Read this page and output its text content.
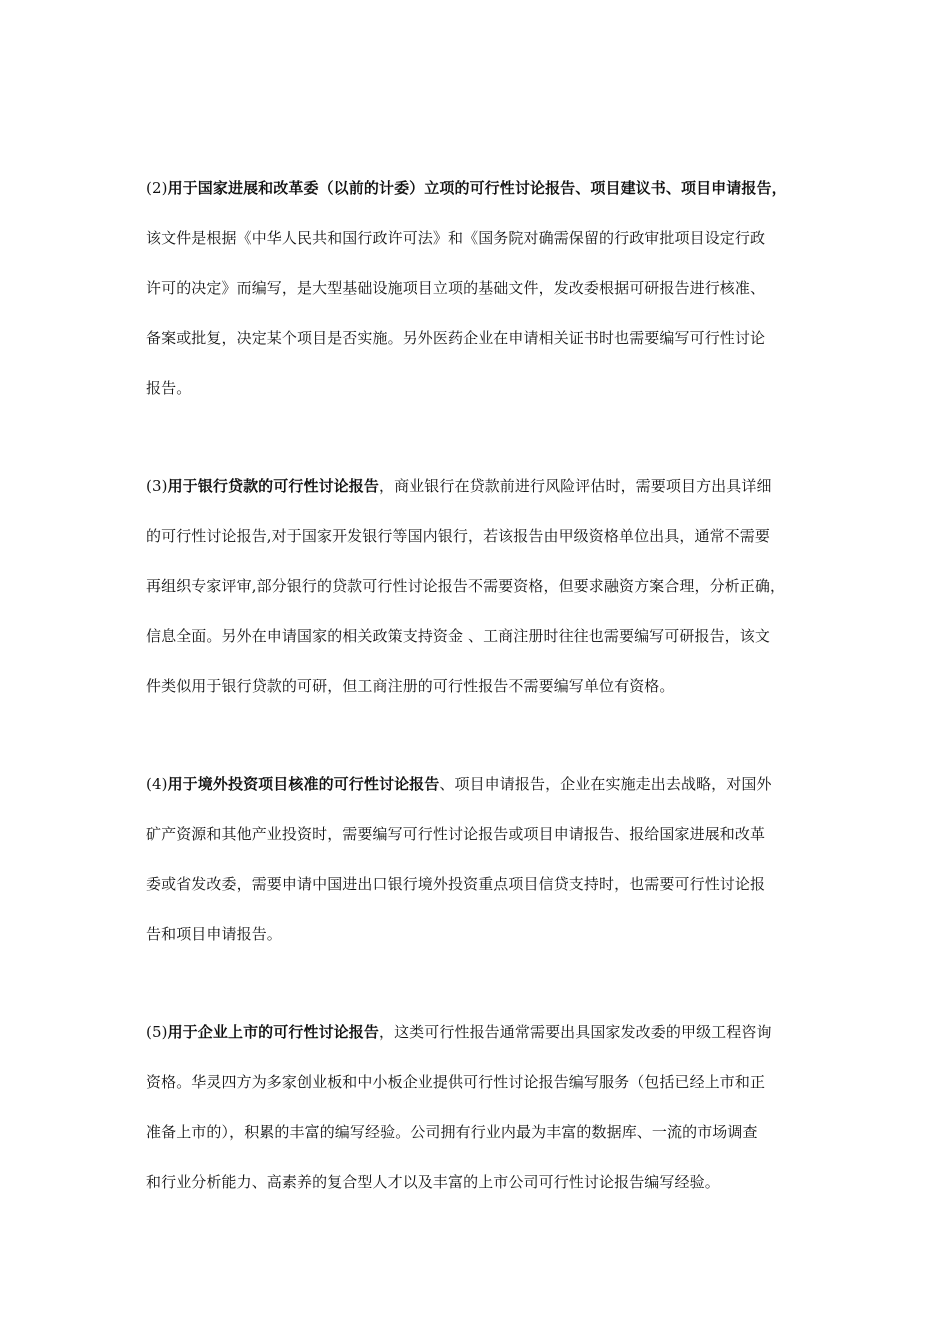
(2)用于国家进展和改革委（以前的计委）立项的可行性讨论报告、项目建议书、项目申请报告，
该文件是根据《中华人民共和国行政许可法》和《国务院对确需保留的行政审批项目设定行政
许可的决定》而编写，是大型基础设施项目立项的基础文件，发改委根据可研报告进行核准、
备案或批复，决定某个项目是否实施。另外医药企业在申请相关证书时也需要编写可行性讨论
报告。
(3)用于银行贷款的可行性讨论报告，商业银行在贷款前进行风险评估时，需要项目方出具详细
的可行性讨论报告,对于国家开发银行等国内银行，若该报告由甲级资格单位出具，通常不需要
再组织专家评审,部分银行的贷款可行性讨论报告不需要资格，但要求融资方案合理，分析正确，
信息全面。另外在申请国家的相关政策支持资金 、工商注册时往往也需要编写可研报告，该文
件类似用于银行贷款的可研，但工商注册的可行性报告不需要编写单位有资格。
(4)用于境外投资项目核准的可行性讨论报告、项目申请报告，企业在实施走出去战略，对国外
矿产资源和其他产业投资时，需要编写可行性讨论报告或项目申请报告、报给国家进展和改革
委或省发改委，需要申请中国进出口银行境外投资重点项目信贷支持时，也需要可行性讨论报
告和项目申请报告。
(5)用于企业上市的可行性讨论报告，这类可行性报告通常需要出具国家发改委的甲级工程咨询
资格。华灵四方为多家创业板和中小板企业提供可行性讨论报告编写服务（包括已经上市和正
准备上市的），积累的丰富的编写经验。公司拥有行业内最为丰富的数据库、一流的市场调查
和行业分析能力、高素养的复合型人才以及丰富的上市公司可行性讨论报告编写经验。
